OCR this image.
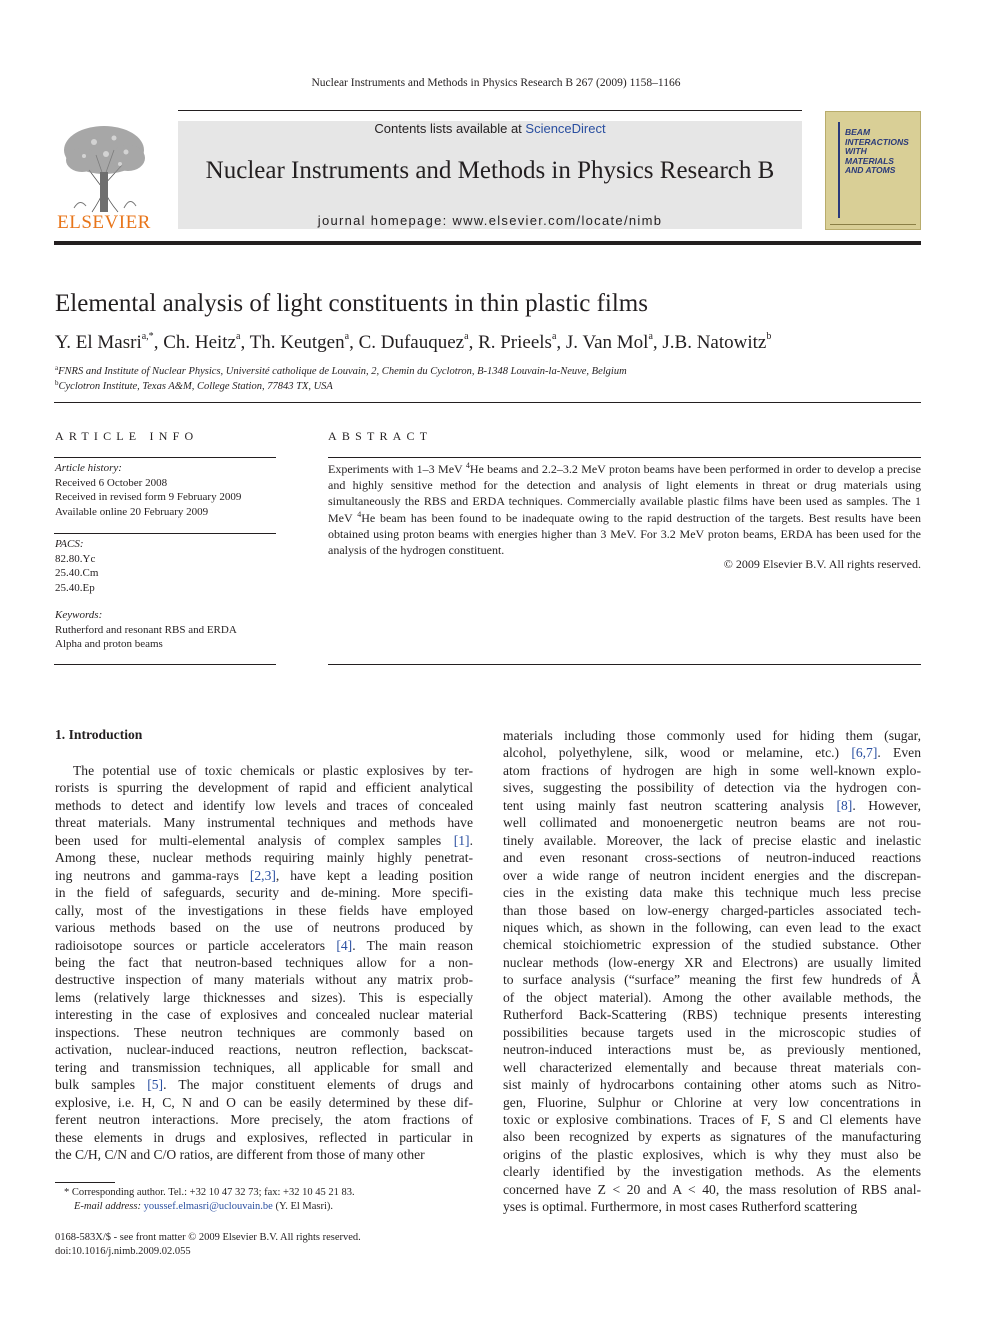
Nuclear Instruments and Methods in Physics Research B 267 (2009) 1158–1166
ELSEVIER
Contents lists available at ScienceDirect
Nuclear Instruments and Methods in Physics Research B
journal homepage: www.elsevier.com/locate/nimb
BEAM
INTERACTIONS
WITH
MATERIALS
AND ATOMS
Elemental analysis of light constituents in thin plastic films
Y. El Masri$^{a,*}$, Ch. Heitz$^a$, Th. Keutgen$^a$, C. Dufauquez$^a$, R. Prieels$^a$, J. Van Mol$^a$, J.B. Natowitz$^b$
$^a$FNRS and Institute of Nuclear Physics, Université catholique de Louvain, 2, Chemin du Cyclotron, B-1348 Louvain-la-Neuve, Belgium
$^b$Cyclotron Institute, Texas A&M, College Station, 77843 TX, USA
ARTICLE INFO
Article history:
Received 6 October 2008
Received in revised form 9 February 2009
Available online 20 February 2009
PACS:
82.80.Yc
25.40.Cm
25.40.Ep
Keywords:
Rutherford and resonant RBS and ERDA
Alpha and proton beams
ABSTRACT
Experiments with 1–3 MeV $^4$He beams and 2.2–3.2 MeV proton beams have been performed in order to develop a precise and highly sensitive method for the detection and analysis of light elements in threat or drug materials using simultaneously the RBS and ERDA techniques. Commercially available plastic films have been used as samples. The 1 MeV $^4$He beam has been found to be inadequate owing to the rapid destruction of the targets. Best results have been obtained using proton beams with energies higher than 3 MeV. For 3.2 MeV proton beams, ERDA has been used for the analysis of the hydrogen constituent.
© 2009 Elsevier B.V. All rights reserved.
1. Introduction

The potential use of toxic chemicals or plastic explosives by ter-

rorists is spurring the development of rapid and efficient analytical

methods to detect and identify low levels and traces of concealed

threat materials. Many instrumental techniques and methods have

been used for multi-elemental analysis of complex samples [1].

Among these, nuclear methods requiring mainly highly penetrat-

ing neutrons and gamma-rays [2,3], have kept a leading position

in the field of safeguards, security and de-mining. More specifi-

cally, most of the investigations in these fields have employed

various methods based on the use of neutrons produced by

radioisotope sources or particle accelerators [4]. The main reason

being the fact that neutron-based techniques allow for a non-

destructive inspection of many materials without any matrix prob-

lems (relatively large thicknesses and sizes). This is especially

interesting in the case of explosives and concealed nuclear material

inspections. These neutron techniques are commonly based on

activation, nuclear-induced reactions, neutron reflection, backscat-

tering and transmission techniques, all applicable for small and

bulk samples [5]. The major constituent elements of drugs and

explosive, i.e. H, C, N and O can be easily determined by these dif-

ferent neutron interactions. More precisely, the atom fractions of

these elements in drugs and explosives, reflected in particular in

the C/H, C/N and C/O ratios, are different from those of many other

materials including those commonly used for hiding them (sugar,

alcohol, polyethylene, silk, wood or melamine, etc.) [6,7]. Even

atom fractions of hydrogen are high in some well-known explo-

sives, suggesting the possibility of detection via the hydrogen con-

tent using mainly fast neutron scattering analysis [8]. However,

well collimated and monoenergetic neutron beams are not rou-

tinely available. Moreover, the lack of precise elastic and inelastic

and even resonant cross-sections of neutron-induced reactions

over a wide range of neutron incident energies and the discrepan-

cies in the existing data make this technique much less precise

than those based on low-energy charged-particles associated tech-

niques which, as shown in the following, can even lead to the exact

chemical stoichiometric expression of the studied substance. Other

nuclear methods (low-energy XR and Electrons) are usually limited

to surface analysis (“surface” meaning the first few hundreds of Å

of the object material). Among the other available methods, the

Rutherford Back-Scattering (RBS) technique presents interesting

possibilities because targets used in the microscopic studies of

neutron-induced interactions must be, as previously mentioned,

well characterized elementally and because threat materials con-

sist mainly of hydrocarbons containing other atoms such as Nitro-

gen, Fluorine, Sulphur or Chlorine at very low concentrations in

toxic or explosive combinations. Traces of F, S and Cl elements have

also been recognized by experts as signatures of the manufacturing

origins of the plastic explosives, which is why they must also be

clearly identified by the investigation methods. As the elements

concerned have Z < 20 and A < 40, the mass resolution of RBS anal-

yses is optimal. Furthermore, in most cases Rutherford scattering

* Corresponding author. Tel.: +32 10 47 32 73; fax: +32 10 45 21 83.
E-mail address: youssef.elmasri@uclouvain.be (Y. El Masri).
0168-583X/$ - see front matter © 2009 Elsevier B.V. All rights reserved.
doi:10.1016/j.nimb.2009.02.055
